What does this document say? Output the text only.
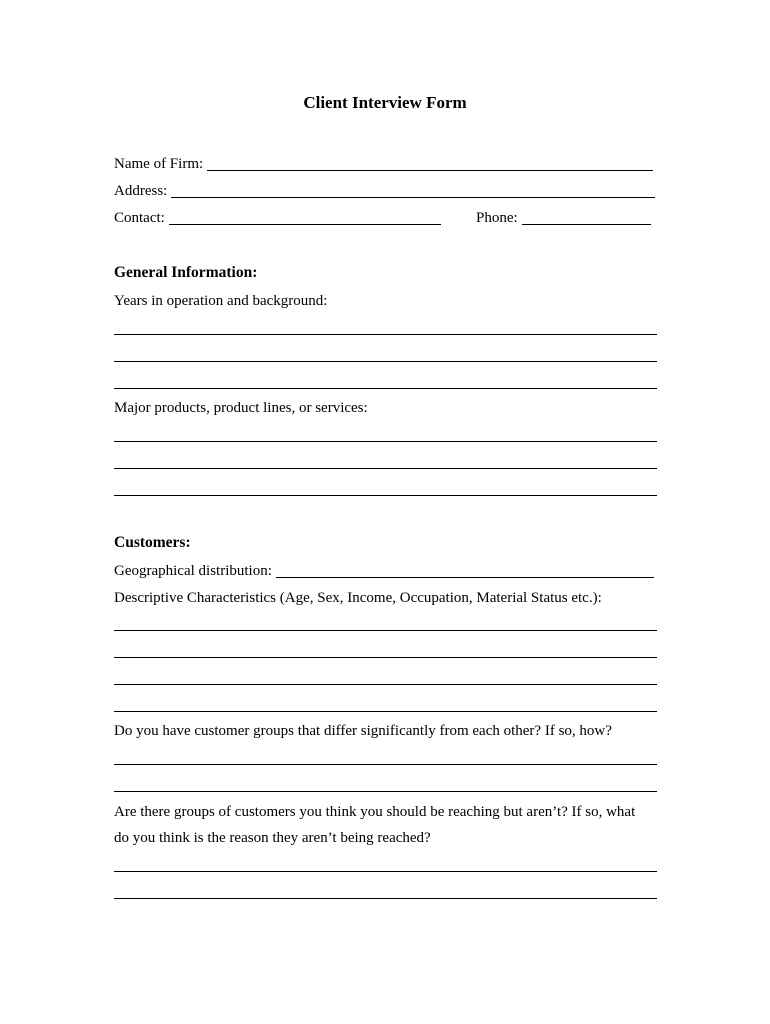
Client Interview Form
Name of Firm:
Address:
Contact:	Phone:
General Information:
Years in operation and background:
Major products, product lines, or services:
Customers:
Geographical distribution:
Descriptive Characteristics (Age, Sex, Income, Occupation, Material Status etc.):
Do you have customer groups that differ significantly from each other? If so, how?
Are there groups of customers you think you should be reaching but aren’t? If so, what
do you think is the reason they aren’t being reached?
